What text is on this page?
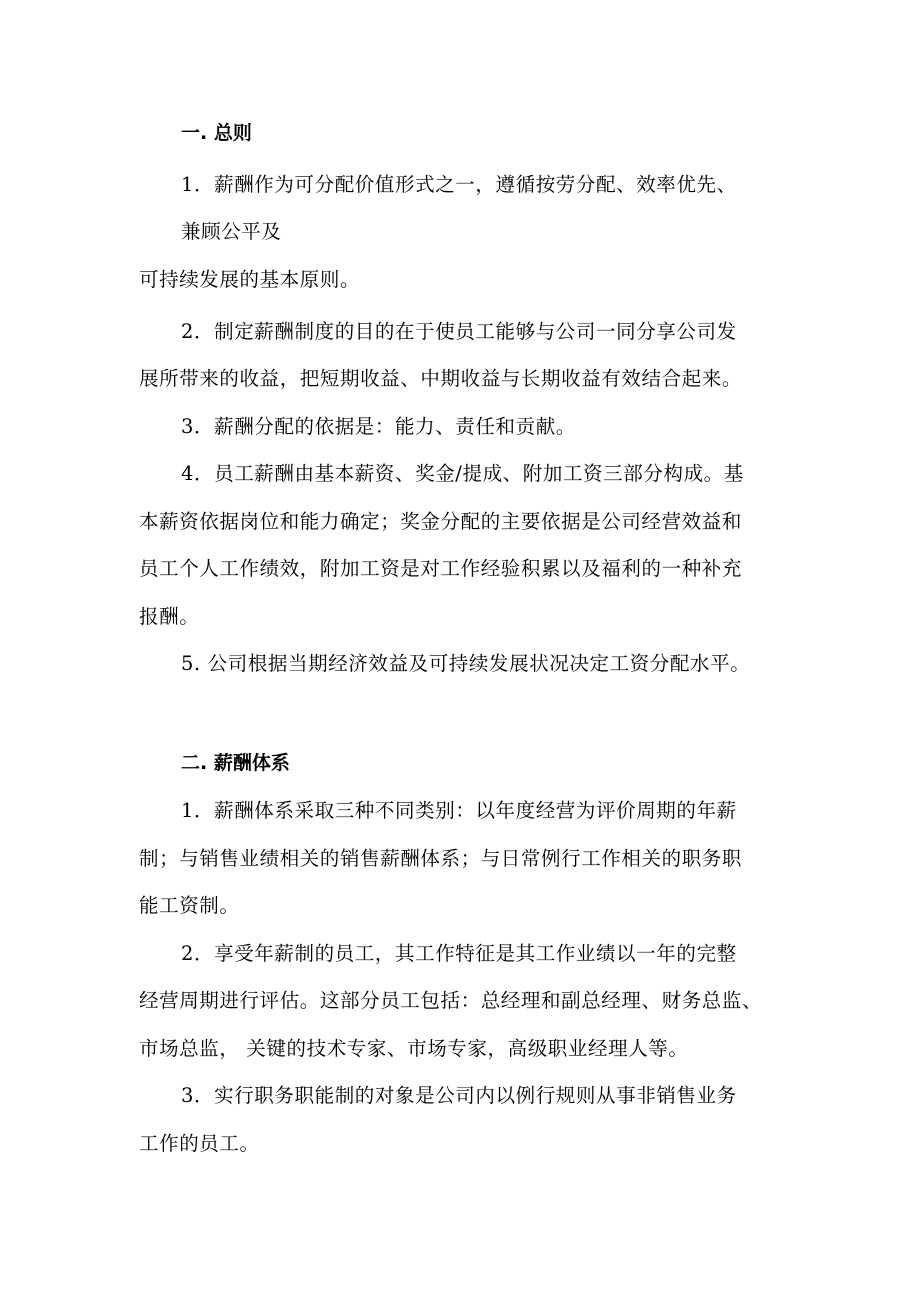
一. 总则
1．薪酬作为可分配价值形式之一，遵循按劳分配、效率优先、
兼顾公平及
可持续发展的基本原则。
2．制定薪酬制度的目的在于使员工能够与公司一同分享公司发
展所带来的收益，把短期收益、中期收益与长期收益有效结合起来。
3．薪酬分配的依据是：能力、责任和贡献。
4．员工薪酬由基本薪资、奖金/提成、附加工资三部分构成。基
本薪资依据岗位和能力确定；奖金分配的主要依据是公司经营效益和
员工个人工作绩效，附加工资是对工作经验积累以及福利的一种补充
报酬。
5. 公司根据当期经济效益及可持续发展状况决定工资分配水平。
二. 薪酬体系
1．薪酬体系采取三种不同类别：以年度经营为评价周期的年薪
制；与销售业绩相关的销售薪酬体系；与日常例行工作相关的职务职
能工资制。
2．享受年薪制的员工，其工作特征是其工作业绩以一年的完整
经营周期进行评估。这部分员工包括：总经理和副总经理、财务总监、
市场总监， 关键的技术专家、市场专家，高级职业经理人等。
3．实行职务职能制的对象是公司内以例行规则从事非销售业务
工作的员工。
